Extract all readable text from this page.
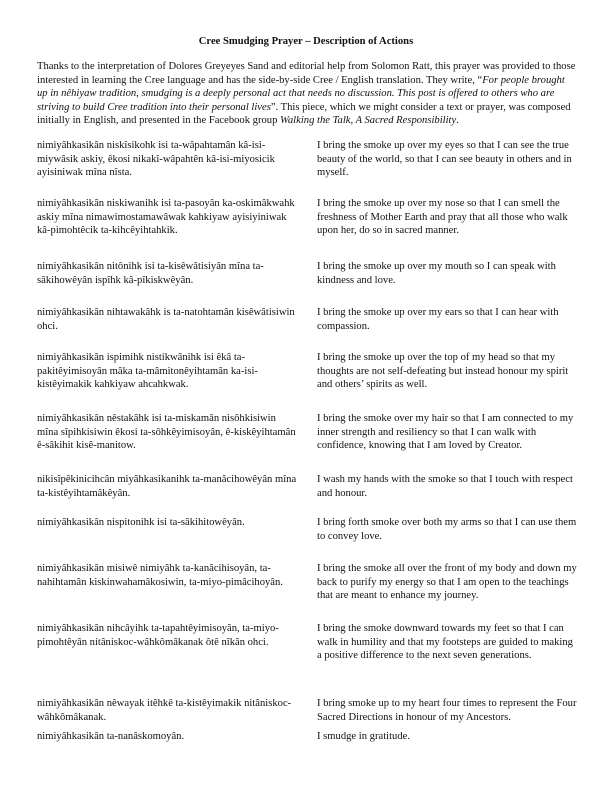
Cree Smudging Prayer – Description of Actions
Thanks to the interpretation of Dolores Greyeyes Sand and editorial help from Solomon Ratt, this prayer was provided to those interested in learning the Cree language and has the side-by-side Cree / English translation. They write, “For people brought up in nêhiyaw tradition, smudging is a deeply personal act that needs no discussion. This post is offered to others who are striving to build Cree tradition into their personal lives”. This piece, which we might consider a text or prayer, was composed initially in English, and presented in the Facebook group Walking the Talk, A Sacred Responsibility.
nimiyâhkasikân niskîsikohk isi ta-wâpahtamân kâ-isi-miywâsik askiy, êkosi nikakî-wâpahtên kâ-isi-miyosicik ayisiniwak mîna nîsta.
I bring the smoke up over my eyes so that I can see the true beauty of the world, so that I can see beauty in others and in myself.
nimiyâhkasikân niskiwanihk isi ta-pasoyân ka-oskimâkwahk askiy mîna nimawimostamawâwak kahkiyaw ayisiyiniwak kâ-pimohtêcik ta-kihcêyihtahkik.
I bring the smoke up over my nose so that I can smell the freshness of Mother Earth and pray that all those who walk upon her, do so in sacred manner.
nimiyâhkasikân nitônihk isi ta-kisêwâtisiyân mîna ta-sâkihowêyân ispîhk kâ-pîkiskwêyân.
I bring the smoke up over my mouth so I can speak with kindness and love.
nimiyâhkasikân nihtawakâhk is ta-natohtamân kisêwâtisiwin ohci.
I bring the smoke up over my ears so that I can hear with compassion.
nimiyâhkasikân ispimihk nistikwânihk isi êkâ ta-pakitêyimisoyân mâka ta-mâmitonêyihtamân ka-isi-kistêyimakik kahkiyaw ahcahkwak.
I bring the smoke up over the top of my head so that my thoughts are not self-defeating but instead honour my spirit and others’ spirits as well.
nimiyâhkasikân nêstakâhk isi ta-miskamân nisôhkisiwin mîna sîpihkisiwin êkosi ta-sôhkêyimisoyân, ê-kiskêyihtamân ê-sâkihit kisê-manitow.
I bring the smoke over my hair so that I am connected to my inner strength and resiliency so that I can walk with confidence, knowing that I am loved by Creator.
nikisîpêkinicihcân miyâhkasikanihk ta-manâcihowêyân mîna ta-kistêyihtamâkêyân.
I wash my hands with the smoke so that I touch with respect and honour.
nimiyâhkasikân nispitonihk isi ta-sâkihitowêyân.	I bring forth smoke over both my arms so that I can use them to convey love.
nimiyâhkasikân misiwê nimiyâhk ta-kanâcihisoyân, ta-nahihtamân kiskinwahamâkosiwin, ta-miyo-pimâcihoyân.
I bring the smoke all over the front of my body and down my back to purify my energy so that I am open to the teachings that are meant to enhance my journey.
nimiyâhkasikân nihcâyihk ta-tapahtêyimisoyân, ta-miyo-pimohtêyân nitâniskoc-wâhkômâkanak ôtê nîkân ohci.
I bring the smoke downward towards my feet so that I can walk in humility and that my footsteps are guided to making a positive difference to the next seven generations.
nimiyâhkasikân nêwayak itêhkê ta-kistêyimakik nitâniskoc-wâhkômâkanak.
I bring smoke up to my heart four times to represent the Four Sacred Directions in honour of my Ancestors.
nimiyâhkasikân ta-nanâskomoyân.	I smudge in gratitude.
